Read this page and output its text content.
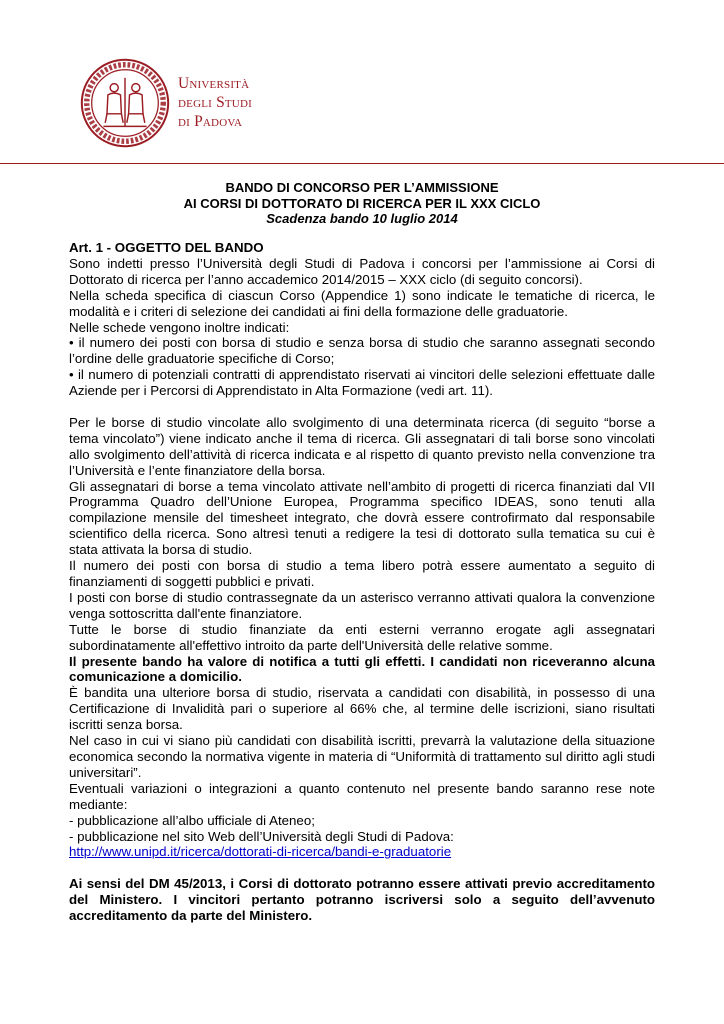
Università
degli Studi
di Padova
BANDO DI CONCORSO PER L’AMMISSIONE
AI CORSI DI DOTTORATO DI RICERCA PER IL XXX CICLO
Scadenza bando 10 luglio 2014

Art. 1 - OGGETTO DEL BANDO

Sono indetti presso l’Università degli Studi di Padova i concorsi per l’ammissione ai Corsi di Dottorato di ricerca per l’anno accademico 2014/2015 – XXX ciclo (di seguito concorsi).

Nella scheda specifica di ciascun Corso (Appendice 1) sono indicate le tematiche di ricerca, le modalità e i criteri di selezione dei candidati ai fini della formazione delle graduatorie.

Nelle schede vengono inoltre indicati:

• il numero dei posti con borsa di studio e senza borsa di studio che saranno assegnati secondo l’ordine delle graduatorie specifiche di Corso;

• il numero di potenziali contratti di apprendistato riservati ai vincitori delle selezioni effettuate dalle Aziende per i Percorsi di Apprendistato in Alta Formazione (vedi art. 11).

Per le borse di studio vincolate allo svolgimento di una determinata ricerca (di seguito “borse a tema vincolato”) viene indicato anche il tema di ricerca. Gli assegnatari di tali borse sono vincolati allo svolgimento dell’attività di ricerca indicata e al rispetto di quanto previsto nella convenzione tra l’Università e l’ente finanziatore della borsa.

Gli assegnatari di borse a tema vincolato attivate nell’ambito di progetti di ricerca finanziati dal VII Programma Quadro dell’Unione Europea, Programma specifico IDEAS, sono tenuti alla compilazione mensile del timesheet integrato, che dovrà essere controfirmato dal responsabile scientifico della ricerca. Sono altresì tenuti a redigere la tesi di dottorato sulla tematica su cui è stata attivata la borsa di studio.

Il numero dei posti con borsa di studio a tema libero potrà essere aumentato a seguito di finanziamenti di soggetti pubblici e privati.

I posti con borse di studio contrassegnate da un asterisco verranno attivati qualora la convenzione venga sottoscritta dall'ente finanziatore.

Tutte le borse di studio finanziate da enti esterni verranno erogate agli assegnatari subordinatamente all'effettivo introito da parte dell'Università delle relative somme.

Il presente bando ha valore di notifica a tutti gli effetti. I candidati non riceveranno alcuna comunicazione a domicilio.

È bandita una ulteriore borsa di studio, riservata a candidati con disabilità, in possesso di una Certificazione di Invalidità pari o superiore al 66% che, al termine delle iscrizioni, siano risultati iscritti senza borsa.

Nel caso in cui vi siano più candidati con disabilità iscritti, prevarrà la valutazione della situazione economica secondo la normativa vigente in materia di “Uniformità di trattamento sul diritto agli studi universitari”.

Eventuali variazioni o integrazioni a quanto contenuto nel presente bando saranno rese note mediante:

- pubblicazione all’albo ufficiale di Ateneo;

- pubblicazione nel sito Web dell’Università degli Studi di Padova:

http://www.unipd.it/ricerca/dottorati-di-ricerca/bandi-e-graduatorie

Ai sensi del DM 45/2013, i Corsi di dottorato potranno essere attivati previo accreditamento del Ministero. I vincitori pertanto potranno iscriversi solo a seguito dell’avvenuto accreditamento da parte del Ministero.
